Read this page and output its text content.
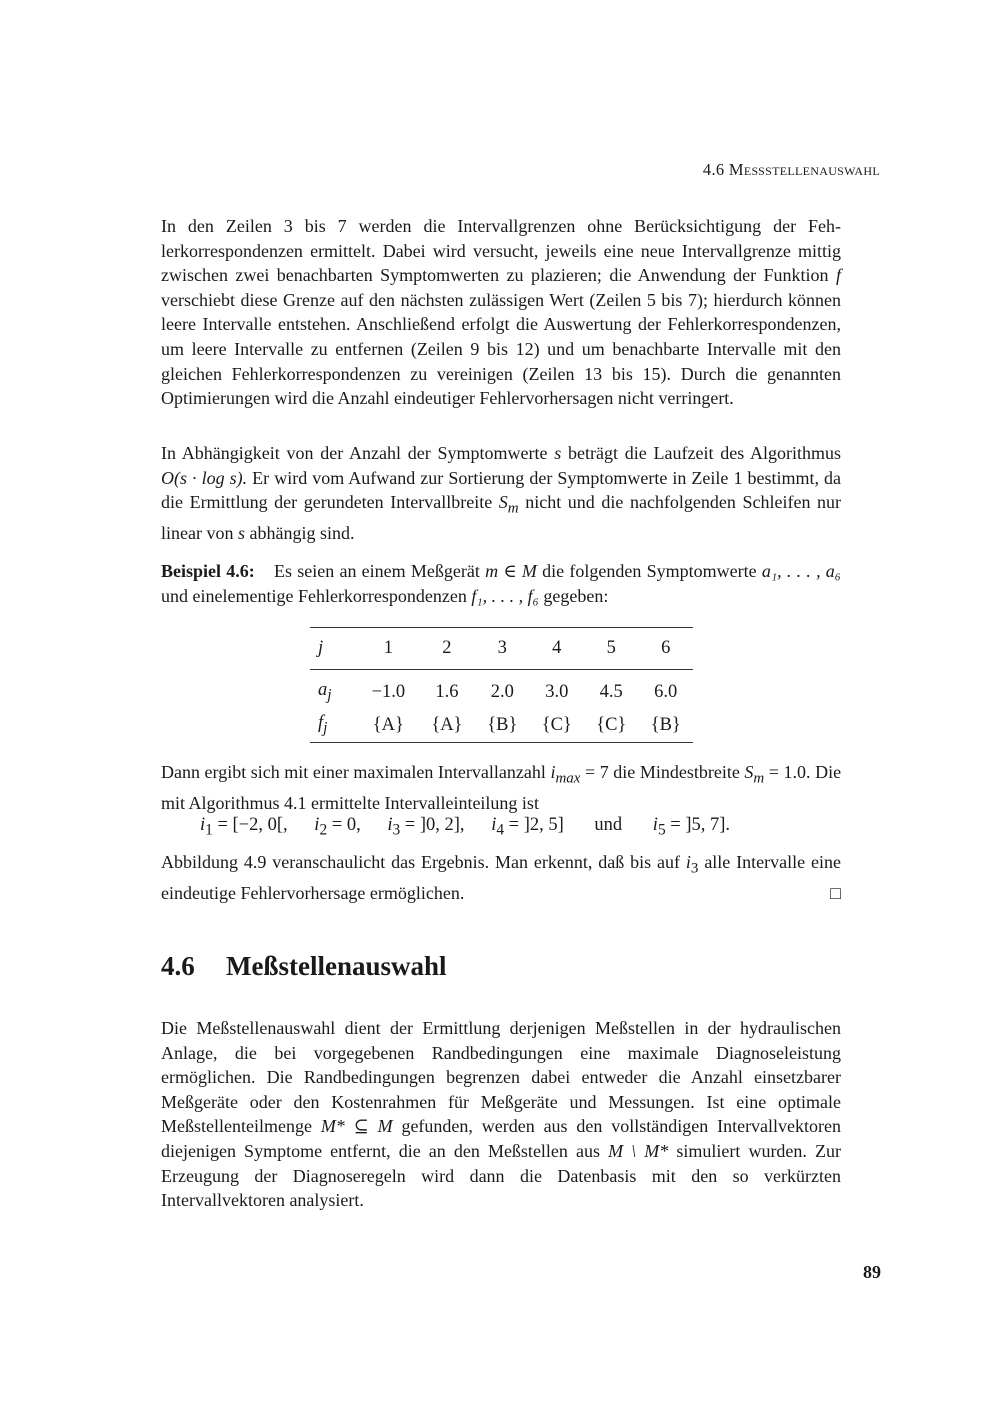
4.6 Meßstellenauswahl

In den Zeilen 3 bis 7 werden die Intervallgrenzen ohne Berücksichtigung der Fehlerkorrespondenzen ermittelt. Dabei wird versucht, jeweils eine neue Intervallgrenze mittig zwischen zwei benachbarten Symptomwerten zu plazieren; die Anwendung der Funktion f verschiebt diese Grenze auf den nächsten zulässigen Wert (Zeilen 5 bis 7); hierdurch können leere Intervalle entstehen. Anschließend erfolgt die Auswertung der Fehlerkorrespondenzen, um leere Intervalle zu entfernen (Zeilen 9 bis 12) und um benachbarte Intervalle mit den gleichen Fehlerkorrespondenzen zu vereinigen (Zeilen 13 bis 15). Durch die genannten Optimierungen wird die Anzahl eindeutiger Fehlervorhersagen nicht verringert.

In Abhängigkeit von der Anzahl der Symptomwerte s beträgt die Laufzeit des Algorithmus O(s · log s). Er wird vom Aufwand zur Sortierung der Symptomwerte in Zeile 1 bestimmt, da die Ermittlung der gerundeten Intervallbreite $S_m$ nicht und die nachfolgenden Schleifen nur linear von s abhängig sind.

Beispiel 4.6: Es seien an einem Meßgerät m ∈ M die folgenden Symptomwerte a₁, . . . , a₆ und einelementige Fehlerkorrespondenzen f₁, . . . , f₆ gegeben:

j	1	2	3	4	5	6
$a_j$	−1.0	1.6	2.0	3.0	4.5	6.0
$f_j$	{A}	{A}	{B}	{C}	{C}	{B}

Dann ergibt sich mit einer maximalen Intervallanzahl $i_{max} = 7$ die Mindestbreite $S_m = 1.0$. Die mit Algorithmus 4.1 ermittelte Intervalleinteilung ist

$i_1 = [-2$, 0[, $i_2 = 0$, $i_3 = ]0$, 2], $i_4 = ]2$, 5] und $i_5 = ]5$, 7].

Abbildung 4.9 veranschaulicht das Ergebnis. Man erkennt, daß bis auf $i_3$ alle Intervalle eine eindeutige Fehlervorhersage ermöglichen.	□

4.6 Meßstellenauswahl

Die Meßstellenauswahl dient der Ermittlung derjenigen Meßstellen in der hydraulischen Anlage, die bei vorgegebenen Randbedingungen eine maximale Diagnoseleistung ermöglichen. Die Randbedingungen begrenzen dabei entweder die Anzahl einsetzbarer Meßgeräte oder den Kostenrahmen für Meßgeräte und Messungen. Ist eine optimale Meßstellenteilmenge M* ⊆ M gefunden, werden aus den vollständigen Intervallvektoren diejenigen Symptome entfernt, die an den Meßstellen aus M \ M* simuliert wurden. Zur Erzeugung der Diagnoseregeln wird dann die Datenbasis mit den so verkürzten Intervallvektoren analysiert.

89
